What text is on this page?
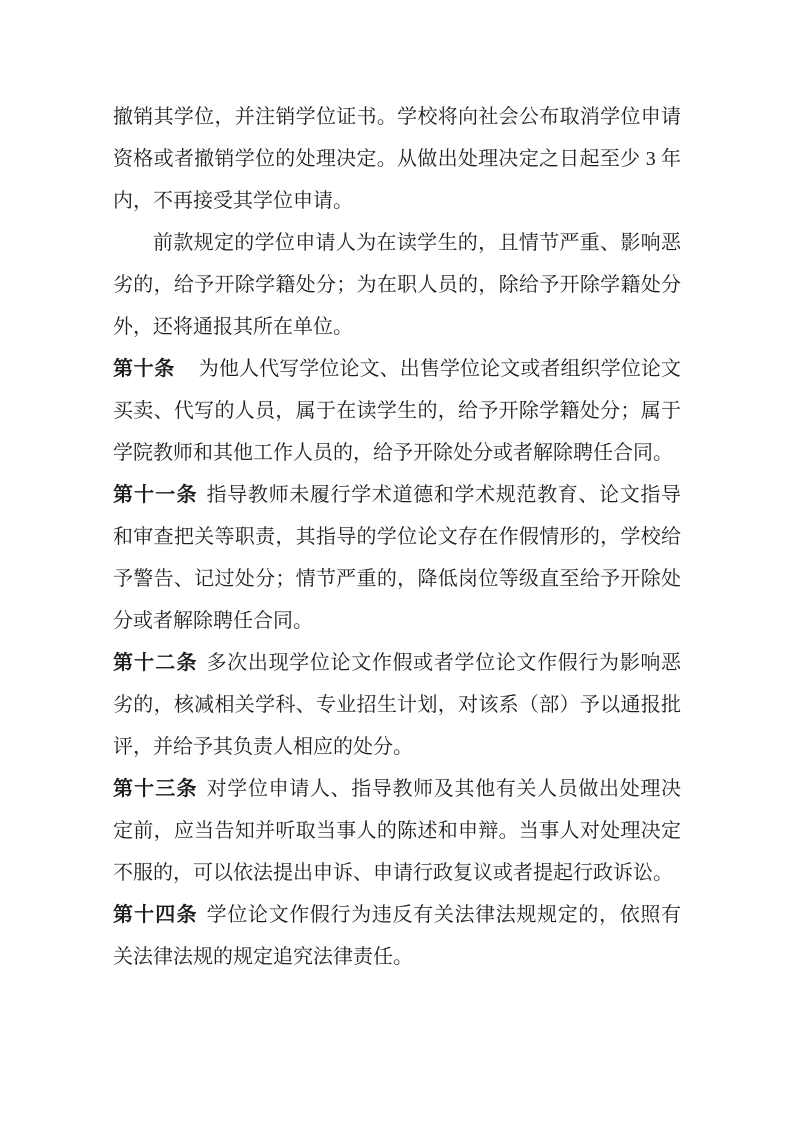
撤销其学位，并注销学位证书。学校将向社会公布取消学位申请资格或者撤销学位的处理决定。从做出处理决定之日起至少 3 年内，不再接受其学位申请。

前款规定的学位申请人为在读学生的，且情节严重、影响恶劣的，给予开除学籍处分；为在职人员的，除给予开除学籍处分外，还将通报其所在单位。

第十条 为他人代写学位论文、出售学位论文或者组织学位论文买卖、代写的人员，属于在读学生的，给予开除学籍处分；属于学院教师和其他工作人员的，给予开除处分或者解除聘任合同。

第十一条 指导教师未履行学术道德和学术规范教育、论文指导和审查把关等职责，其指导的学位论文存在作假情形的，学校给予警告、记过处分；情节严重的，降低岗位等级直至给予开除处分或者解除聘任合同。

第十二条 多次出现学位论文作假或者学位论文作假行为影响恶劣的，核减相关学科、专业招生计划，对该系（部）予以通报批评，并给予其负责人相应的处分。

第十三条 对学位申请人、指导教师及其他有关人员做出处理决定前，应当告知并听取当事人的陈述和申辩。当事人对处理决定不服的，可以依法提出申诉、申请行政复议或者提起行政诉讼。

第十四条 学位论文作假行为违反有关法律法规规定的，依照有关法律法规的规定追究法律责任。
